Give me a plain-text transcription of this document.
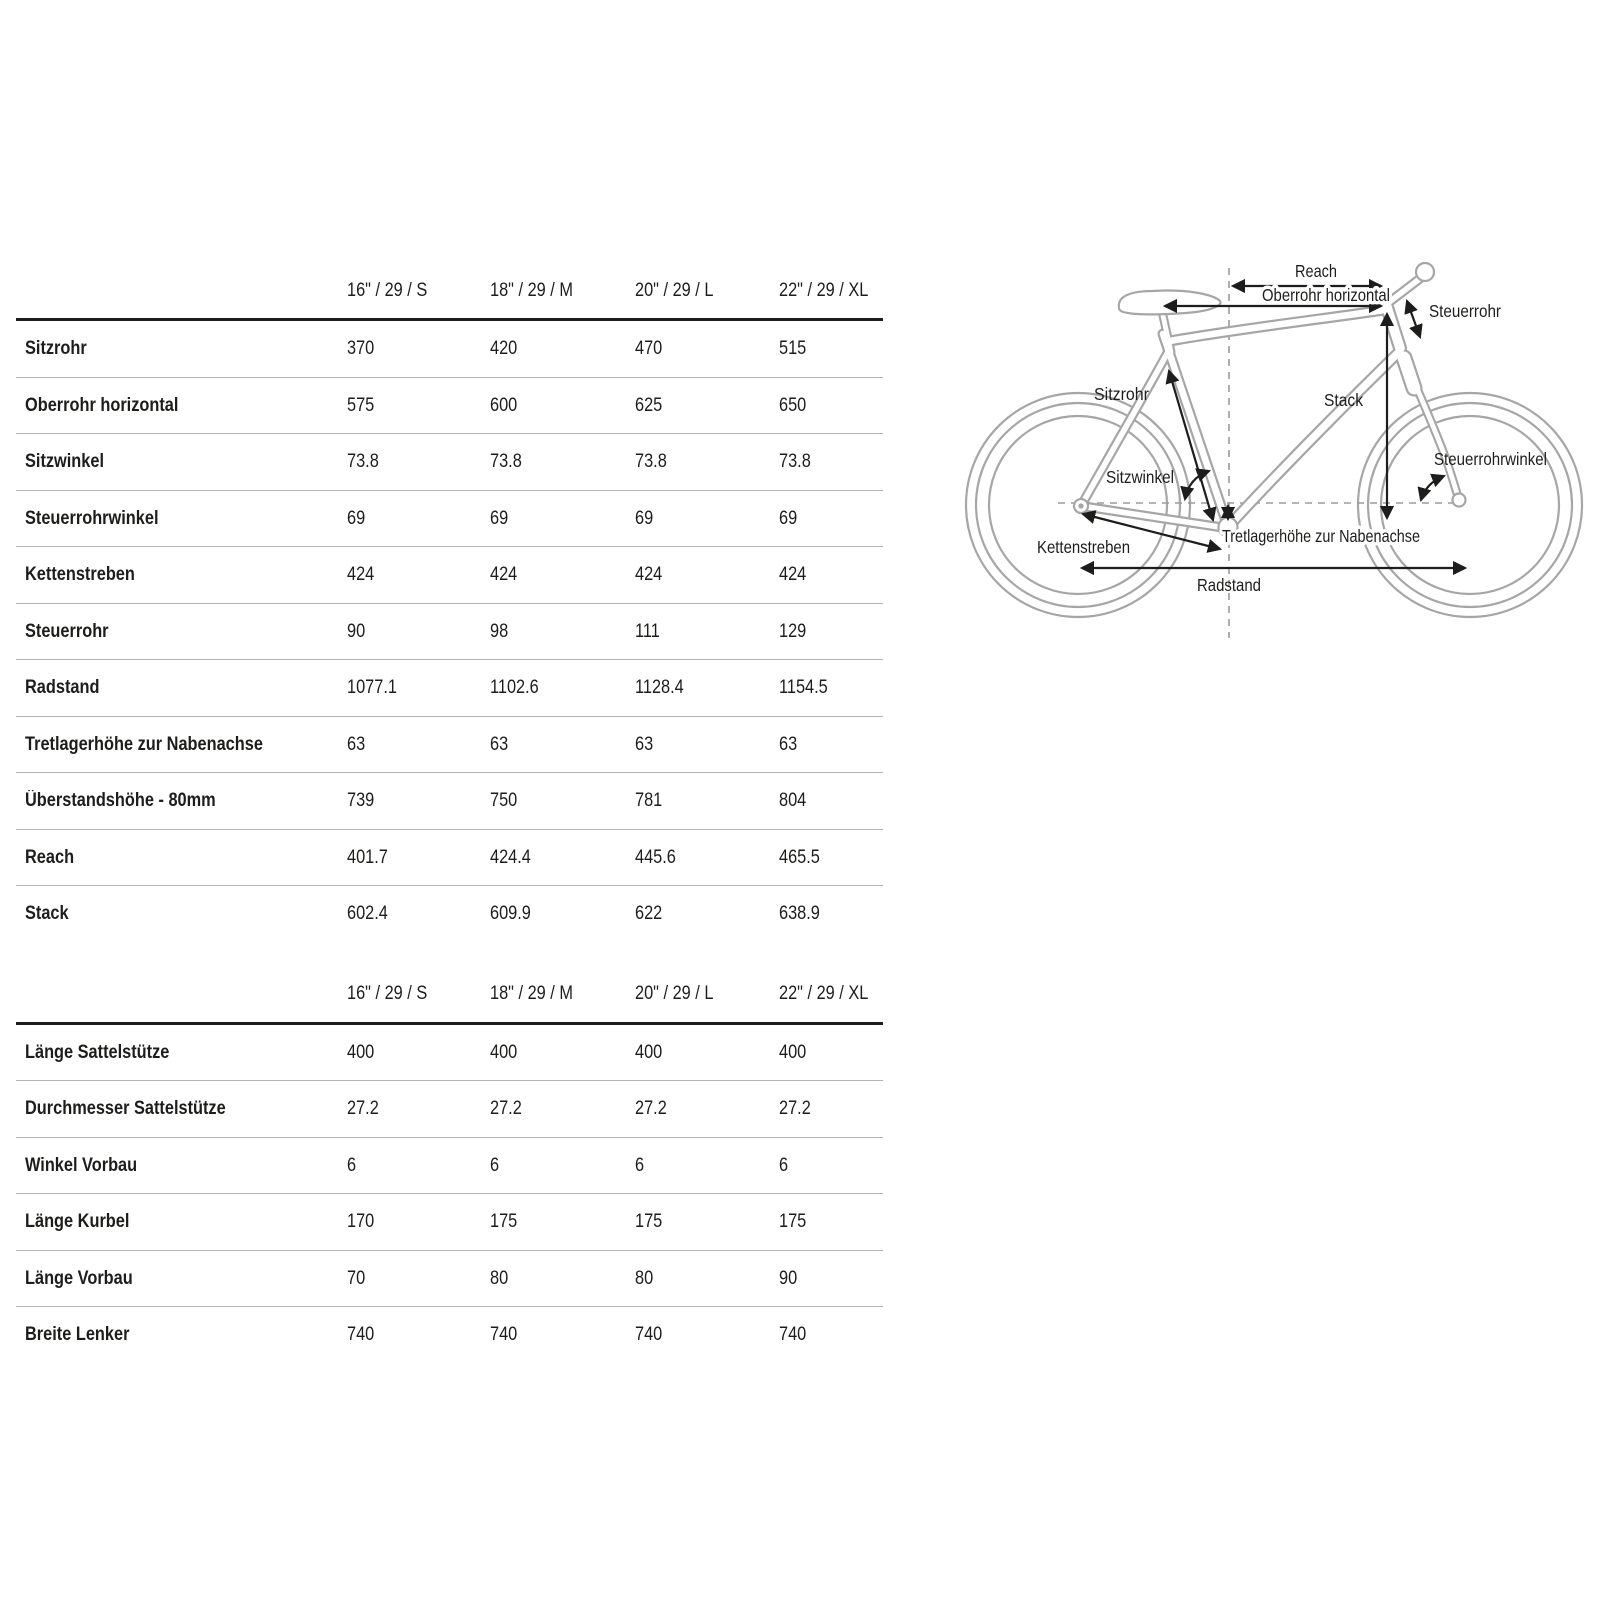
16" / 29 / S	18" / 29 / M	20" / 29 / L	22" / 29 / XL
Sitzrohr	370	420	470	515
Oberrohr horizontal	575	600	625	650
Sitzwinkel	73.8	73.8	73.8	73.8
Steuerrohrwinkel	69	69	69	69
Kettenstreben	424	424	424	424
Steuerrohr	90	98	111	129
Radstand	1077.1	1102.6	1128.4	1154.5
Tretlagerhöhe zur Nabenachse	63	63	63	63
Überstandshöhe - 80mm	739	750	781	804
Reach	401.7	424.4	445.6	465.5
Stack	602.4	609.9	622	638.9
16" / 29 / S	18" / 29 / M	20" / 29 / L	22" / 29 / XL
Länge Sattelstütze	400	400	400	400
Durchmesser Sattelstütze	27.2	27.2	27.2	27.2
Winkel Vorbau	6	6	6	6
Länge Kurbel	170	175	175	175
Länge Vorbau	70	80	80	90
Breite Lenker	740	740	740	740
Reach
Oberrohr horizontal
Steuerrohr
Sitzrohr	Stack
Sitzwinkel
Steuerrohrwinkel
Kettenstreben
Tretlagerhöhe zur Nabenachse
Radstand
